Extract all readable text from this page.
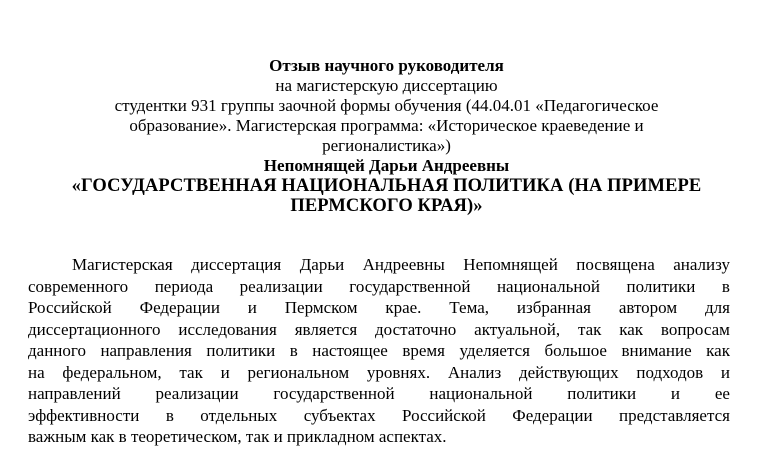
Отзыв научного руководителя
на магистерскую диссертацию
студентки 931 группы заочной формы обучения (44.04.01 «Педагогическое
образование». Магистерская программа: «Историческое краеведение и
регионалистика»)
Непомнящей Дарьи Андреевны
«ГОСУДАРСТВЕННАЯ НАЦИОНАЛЬНАЯ ПОЛИТИКА (НА ПРИМЕРЕ
ПЕРМСКОГО КРАЯ)»
Магистерская диссертация Дарьи Андреевны Непомнящей посвящена анализу
современного периода реализации государственной национальной политики в
Российской Федерации и Пермском крае. Тема, избранная автором для
диссертационного исследования является достаточно актуальной, так как вопросам
данного направления политики в настоящее время уделяется большое внимание как
на федеральном, так и региональном уровнях. Анализ действующих подходов и
направлений реализации государственной национальной политики и ее
эффективности в отдельных субъектах Российской Федерации представляется
важным как в теоретическом, так и прикладном аспектах.
